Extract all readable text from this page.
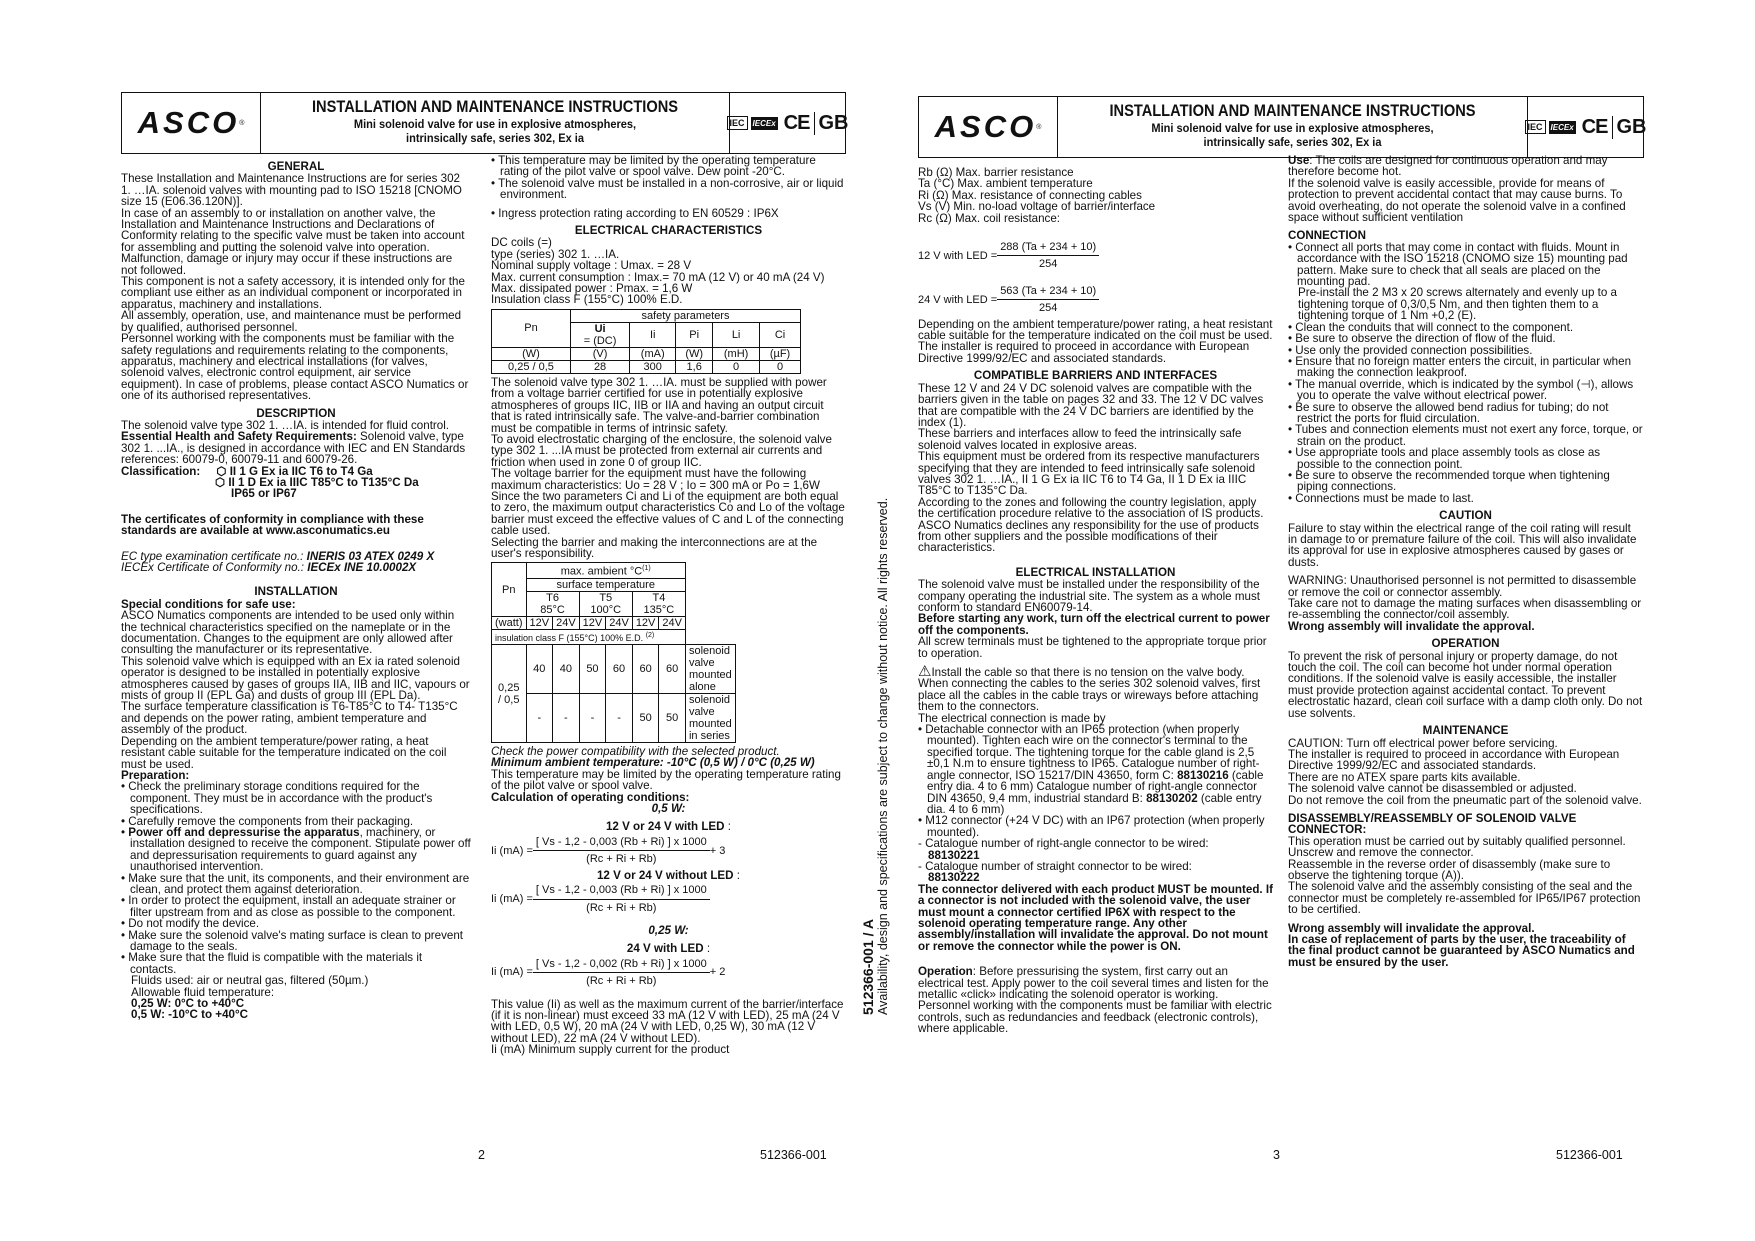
ASCO ®
INSTALLATION AND MAINTENANCE INSTRUCTIONS
Mini solenoid valve for use in explosive atmospheres,
intrinsically safe, series 302, Ex ia
IEC	IECEx CE GB

GENERAL

These Installation and Maintenance Instructions are for series 302 1. …IA. solenoid valves with mounting pad to ISO 15218 [CNOMO size 15 (E06.36.120N)].

In case of an assembly to or installation on another valve, the Installation and Maintenance Instructions and Declarations of Conformity relating to the specific valve must be taken into account for assembling and putting the solenoid valve into operation.

Malfunction, damage or injury may occur if these instructions are not followed.

This component is not a safety accessory, it is intended only for the compliant use either as an individual component or incorporated in apparatus, machinery and installations.

All assembly, operation, use, and maintenance must be performed by qualified, authorised personnel.

Personnel working with the components must be familiar with the safety regulations and requirements relating to the components, apparatus, machinery and electrical installations (for valves, solenoid valves, electronic control equipment, air service equipment). In case of problems, please contact ASCO Numatics or one of its authorised representatives.

DESCRIPTION

The solenoid valve type 302 1. …IA. is intended for fluid control.

Essential Health and Safety Requirements: Solenoid valve, type 302 1. ...IA., is designed in accordance with IEC and EN Standards references: 60079-0, 60079-11 and 60079-26.

Classification:     ⬡ II 1 G Ex ia IIC T6 to T4 Ga

⬡ II 1 D Ex ia IIIC T85°C to T135°C Da

IP65 or IP67

The certificates of conformity in compliance with these standards are available at www.asconumatics.eu

EC type examination certificate no.: INERIS 03 ATEX 0249 X

IECEx Certificate of Conformity no.: IECEx INE 10.0002X

INSTALLATION

Special conditions for safe use:

ASCO Numatics components are intended to be used only within the technical characteristics specified on the nameplate or in the documentation. Changes to the equipment are only allowed after consulting the manufacturer or its representative.

This solenoid valve which is equipped with an Ex ia rated solenoid operator is designed to be installed in potentially explosive atmospheres caused by gases of groups IIA, IIB and IIC, vapours or mists of group II (EPL Ga) and dusts of group III (EPL Da).

The surface temperature classification is T6-T85°C to T4- T135°C and depends on the power rating, ambient temperature and assembly of the product.

Depending on the ambient temperature/power rating, a heat resistant cable suitable for the temperature indicated on the coil must be used.

Preparation:

• Check the preliminary storage conditions required for the component. They must be in accordance with the product's specifications.

• Carefully remove the components from their packaging.

• Power off and depressurise the apparatus, machinery, or installation designed to receive the component. Stipulate power off and depressurisation requirements to guard against any unauthorised intervention.

• Make sure that the unit, its components, and their environment are clean, and protect them against deterioration.

• In order to protect the equipment, install an adequate strainer or filter upstream from and as close as possible to the component.

• Do not modify the device.

• Make sure the solenoid valve's mating surface is clean to prevent damage to the seals.

• Make sure that the fluid is compatible with the materials it contacts.

Fluids used: air or neutral gas, filtered (50µm.)

Allowable fluid temperature:

0,25 W: 0°C to +40°C

0,5 W: -10°C to +40°C

• This temperature may be limited by the operating temperature rating of the pilot valve or spool valve. Dew point -20°C.

• The solenoid valve must be installed in a non-corrosive, air or liquid environment.

• Ingress protection rating according to EN 60529 : IP6X

ELECTRICAL CHARACTERISTICS

DC coils (=)

type (series) 302 1. …IA.

Nominal supply voltage : Umax. = 28 V

Max. current consumption : Imax.= 70 mA (12 V) or 40 mA (24 V)

Max. dissipated power : Pmax. = 1,6 W

Insulation class F (155°C) 100% E.D.

Pn	safety parameters				
	Ui
= (DC)	Ii	Pi	Li	Ci
(W)	(V)	(mA)	(W)	(mH)	(µF)
0,25 / 0,5	28	300	1,6	0	0

The solenoid valve type 302 1. …IA. must be supplied with power from a voltage barrier certified for use in potentially explosive atmospheres of groups IIC, IIB or IIA and having an output circuit that is rated intrinsically safe. The valve-and-barrier combination must be compatible in terms of intrinsic safety.

To avoid electrostatic charging of the enclosure, the solenoid valve type 302 1. ...IA must be protected from external air currents and friction when used in zone 0 of group IIC.

The voltage barrier for the equipment must have the following maximum characteristics: Uo = 28 V ; Io = 300 mA or Po = 1,6W

Since the two parameters Ci and Li of the equipment are both equal to zero, the maximum output characteristics Co and Lo of the voltage barrier must exceed the effective values of C and L of the connecting cable used.

Selecting the barrier and making the interconnections are at the user's responsibility.

Pn	max. ambient $^\circ C^{(1)}$
	surface temperature						
	T6
85°C		T5
100°C		T4
135°C		
(watt)	12V	24V	12V	24V	12V	24V	
insulation class F (155°C) 100% E.D. $^{(2)}$
0,25 / 0,5	40	40	50	60	60	60	solenoid valve mounted alone
	-	-	-	-	50	50	solenoid valve mounted in series

Check the power compatibility with the selected product.

Minimum ambient temperature: -10°C (0,5 W) / 0°C (0,25 W)

This temperature may be limited by the operating temperature rating of the pilot valve or spool valve.

Calculation of operating conditions:

0,5 W:

12 V or 24 V with LED :

Ii $(mA) = \frac{[ Vs - 1,2 - 0,003 (Rb + Ri) ] x 1000}{(Rc + Ri + Rb)} + 3$

12 V or 24 V without LED :

Ii $(mA) = \frac{[ Vs - 1,2 - 0,003 (Rb + Ri) ] x 1000}{(Rc + Ri + Rb)}$

0,25 W:

24 V with LED :

Ii $(mA) = \frac{[ Vs - 1,2 - 0,002 (Rb + Ri) ] x 1000}{(Rc + Ri + Rb)} + 2$

This value (Ii) as well as the maximum current of the barrier/interface (if it is non-linear) must exceed 33 mA (12 V with LED), 25 mA (24 V with LED, 0,5 W), 20 mA (24 V with LED, 0,25 W), 30 mA (12 V without LED), 22 mA (24 V without LED).

Ii (mA) Minimum supply current for the product

512366-001 / A
Availability, design and specifications are subject to change without notice. All rights reserved.
2	512366-001
ASCO ®
INSTALLATION AND MAINTENANCE INSTRUCTIONS
Mini solenoid valve for use in explosive atmospheres,
intrinsically safe, series 302, Ex ia
IEC	IECEx CE GB

Rb (Ω) Max. barrier resistance

Ta (°C) Max. ambient temperature

Ri (Ω) Max. resistance of connecting cables

Vs (V) Min. no-load voltage of barrier/interface

Rc (Ω) Max. coil resistance:

12 V with LED = $\frac{288 (Ta + 234 + 10)}{254}$
24 V with LED = $\frac{563 (Ta + 234 + 10)}{254}$

Depending on the ambient temperature/power rating, a heat resistant cable suitable for the temperature indicated on the coil must be used.

The installer is required to proceed in accordance with European Directive 1999/92/EC and associated standards.

COMPATIBLE BARRIERS AND INTERFACES

These 12 V and 24 V DC solenoid valves are compatible with the barriers given in the table on pages 32 and 33. The 12 V DC valves that are compatible with the 24 V DC barriers are identified by the index (1).

These barriers and interfaces allow to feed the intrinsically safe solenoid valves located in explosive areas.

This equipment must be ordered from its respective manufacturers specifying that they are intended to feed intrinsically safe solenoid valves 302 1. …IA., II 1 G Ex ia IIC T6 to T4 Ga, II 1 D Ex ia IIIC T85°C to T135°C Da.

According to the zones and following the country legislation, apply the certification procedure relative to the association of IS products.

ASCO Numatics declines any responsibility for the use of products from other suppliers and the possible modifications of their characteristics.

ELECTRICAL INSTALLATION

The solenoid valve must be installed under the responsibility of the company operating the industrial site. The system as a whole must conform to standard EN60079-14.

Before starting any work, turn off the electrical current to power off the components.

All screw terminals must be tightened to the appropriate torque prior to operation.

⚠Install the cable so that there is no tension on the valve body. When connecting the cables to the series 302 solenoid valves, first place all the cables in the cable trays or wireways before attaching them to the connectors.

The electrical connection is made by

• Detachable connector with an IP65 protection (when properly mounted). Tighten each wire on the connector's terminal to the specified torque. The tightening torque for the cable gland is 2,5 ±0,1 N.m to ensure tightness to IP65. Catalogue number of right-angle connector, ISO 15217/DIN 43650, form C: 88130216 (cable entry dia. 4 to 6 mm) Catalogue number of right-angle connector DIN 43650, 9,4 mm, industrial standard B: 88130202 (cable entry dia. 4 to 6 mm)

• M12 connector (+24 V DC) with an IP67 protection (when properly mounted).

- Catalogue number of right-angle connector to be wired:

88130221

- Catalogue number of straight connector to be wired:

88130222

The connector delivered with each product MUST be mounted. If a connector is not included with the solenoid valve, the user must mount a connector certified IP6X with respect to the solenoid operating temperature range. Any other assembly/installation will invalidate the approval. Do not mount or remove the connector while the power is ON.

Operation: Before pressurising the system, first carry out an electrical test. Apply power to the coil several times and listen for the metallic «click» indicating the solenoid operator is working.

Personnel working with the components must be familiar with electric controls, such as redundancies and feedback (electronic controls), where applicable.

Use: The coils are designed for continuous operation and may therefore become hot.

If the solenoid valve is easily accessible, provide for means of protection to prevent accidental contact that may cause burns. To avoid overheating, do not operate the solenoid valve in a confined space without sufficient ventilation

CONNECTION

• Connect all ports that may come in contact with fluids. Mount in accordance with the ISO 15218 (CNOMO size 15) mounting pad pattern. Make sure to check that all seals are placed on the mounting pad.

Pre-install the 2 M3 x 20 screws alternately and evenly up to a tightening torque of 0,3/0,5 Nm, and then tighten them to a tightening torque of 1 Nm +0,2 (E).

• Clean the conduits that will connect to the component.

• Be sure to observe the direction of flow of the fluid.

• Use only the provided connection possibilities.

• Ensure that no foreign matter enters the circuit, in particular when making the connection leakproof.

• The manual override, which is indicated by the symbol (⊣), allows you to operate the valve without electrical power.

• Be sure to observe the allowed bend radius for tubing; do not restrict the ports for fluid circulation.

• Tubes and connection elements must not exert any force, torque, or strain on the product.

• Use appropriate tools and place assembly tools as close as possible to the connection point.

• Be sure to observe the recommended torque when tightening piping connections.

• Connections must be made to last.

CAUTION

Failure to stay within the electrical range of the coil rating will result in damage to or premature failure of the coil. This will also invalidate its approval for use in explosive atmospheres caused by gases or dusts.

WARNING: Unauthorised personnel is not permitted to disassemble or remove the coil or connector assembly.

Take care not to damage the mating surfaces when disassembling or re-assembling the connector/coil assembly.

Wrong assembly will invalidate the approval.

OPERATION

To prevent the risk of personal injury or property damage, do not touch the coil. The coil can become hot under normal operation conditions. If the solenoid valve is easily accessible, the installer must provide protection against accidental contact. To prevent electrostatic hazard, clean coil surface with a damp cloth only. Do not use solvents.

MAINTENANCE

CAUTION: Turn off electrical power before servicing.

The installer is required to proceed in accordance with European Directive 1999/92/EC and associated standards.

There are no ATEX spare parts kits available.

The solenoid valve cannot be disassembled or adjusted.

Do not remove the coil from the pneumatic part of the solenoid valve.

DISASSEMBLY/REASSEMBLY OF SOLENOID VALVE CONNECTOR:

This operation must be carried out by suitably qualified personnel.

Unscrew and remove the connector.

Reassemble in the reverse order of disassembly (make sure to observe the tightening torque (A)).

The solenoid valve and the assembly consisting of the seal and the connector must be completely re-assembled for IP65/IP67 protection to be certified.

Wrong assembly will invalidate the approval.

In case of replacement of parts by the user, the traceability of the final product cannot be guaranteed by ASCO Numatics and must be ensured by the user.

3	512366-001
